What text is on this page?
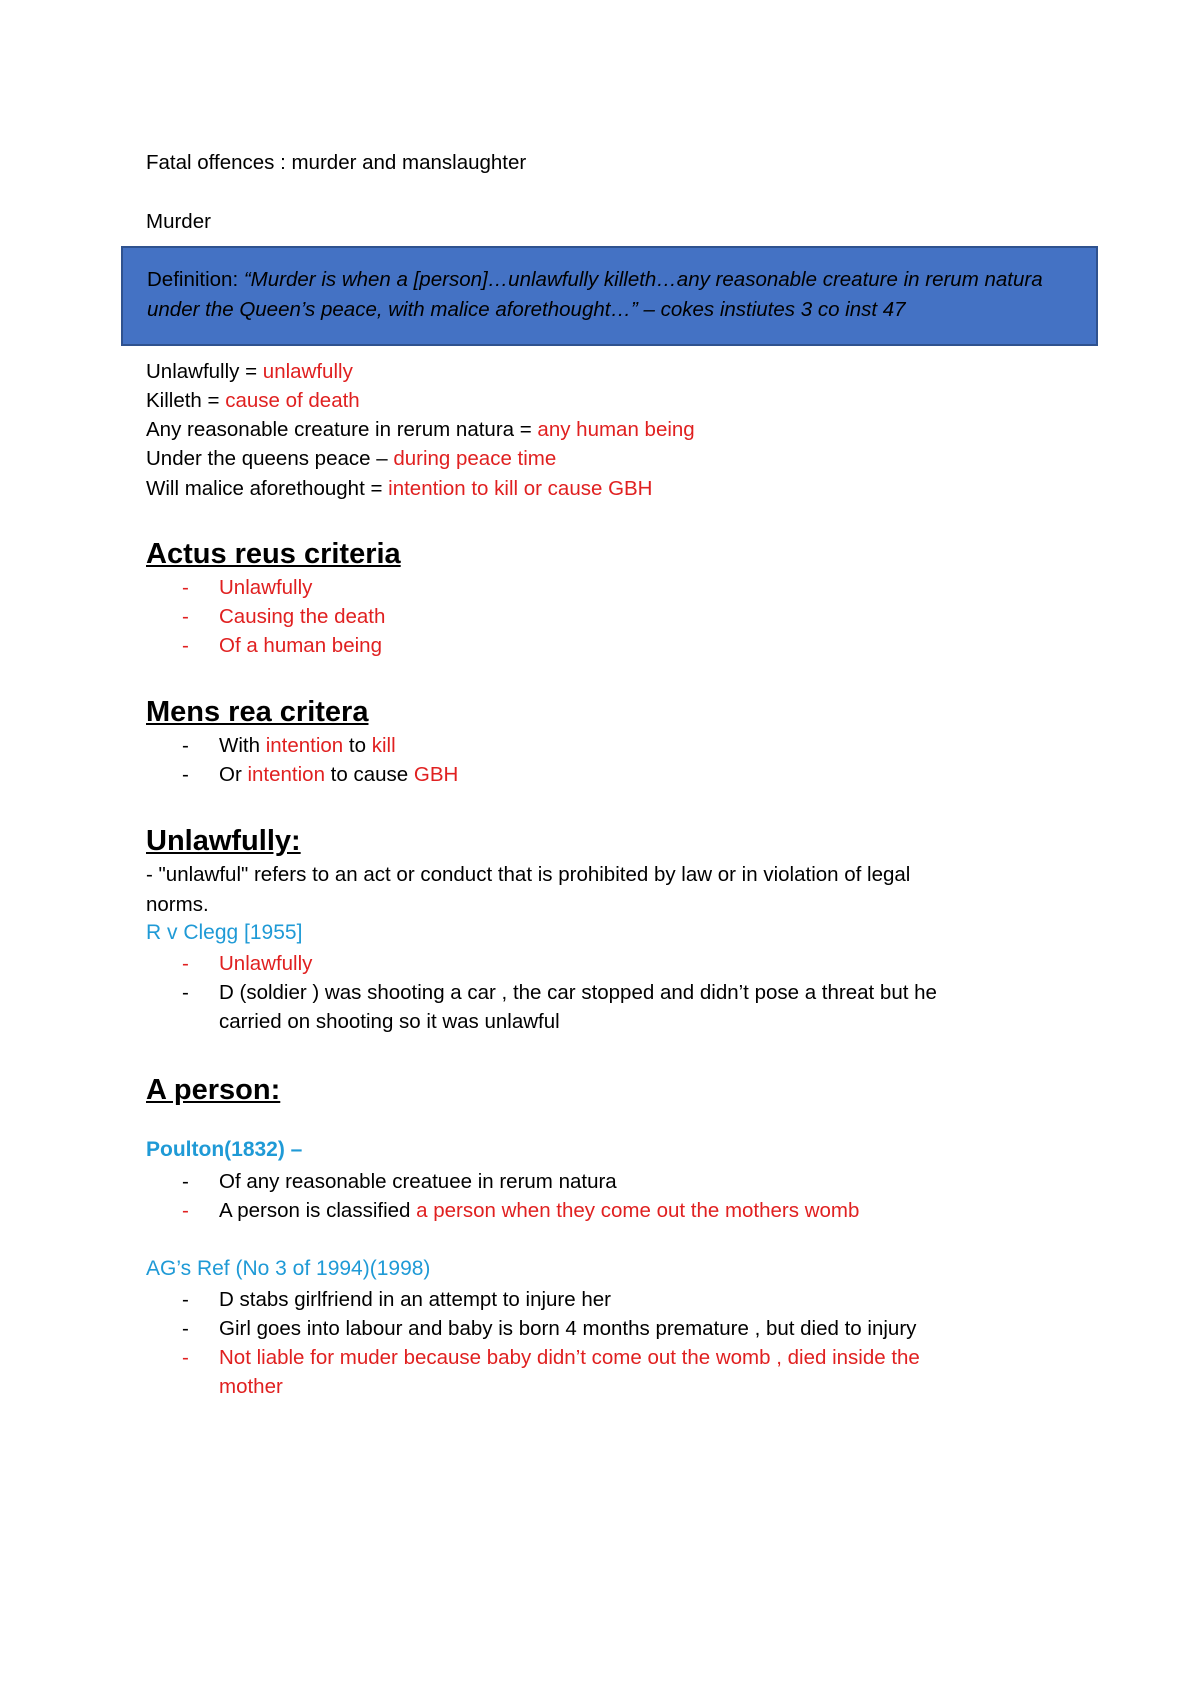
Fatal offences : murder and manslaughter
Murder
Definition: “Murder is when a [person]…unlawfully killeth…any reasonable creature in rerum natura under the Queen’s peace, with malice aforethought…” – cokes instiutes 3 co inst 47
Unlawfully = unlawfully
Killeth = cause of death
Any reasonable creature in rerum natura = any human being
Under the queens peace – during peace time
Will malice aforethought = intention to kill or cause GBH
Actus reus criteria
- Unlawfully
- Causing the death
- Of a human being
Mens rea critera
- With intention to kill
- Or intention to cause GBH
Unlawfully:
- "unlawful" refers to an act or conduct that is prohibited by law or in violation of legal
norms.
R v Clegg [1955]
- Unlawfully
- D (soldier ) was shooting a car , the car stopped and didn’t pose a threat but he
carried on shooting so it was unlawful
A person:
Poulton(1832) –
- Of any reasonable creatuee in rerum natura
- A person is classified a person when they come out the mothers womb
AG’s Ref (No 3 of 1994)(1998)
- D stabs girlfriend in an attempt to injure her
- Girl goes into labour and baby is born 4 months premature , but died to injury
- Not liable for muder because baby didn’t come out the womb , died inside the
mother
